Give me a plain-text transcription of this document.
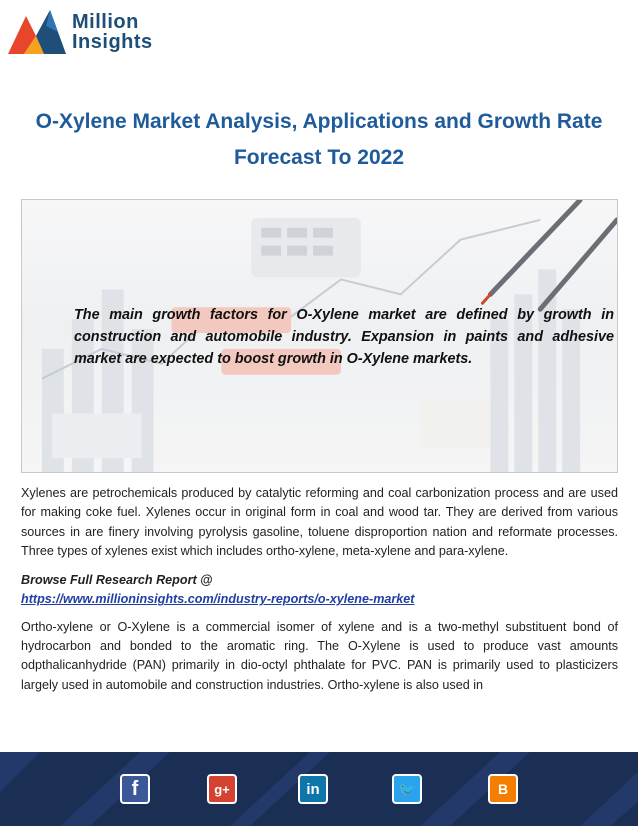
Million
Insights
O-Xylene Market Analysis, Applications and Growth Rate Forecast To 2022
The main growth factors for O-Xylene market are defined by growth in construction and automobile industry. Expansion in paints and adhesive market are expected to boost growth in O-Xylene markets.

Xylenes are petrochemicals produced by catalytic reforming and coal carbonization process and are used for making coke fuel. Xylenes occur in original form in coal and wood tar. They are derived from various sources in are finery involving pyrolysis gasoline, toluene disproportion nation and reformate processes. Three types of xylenes exist which includes ortho-xylene, meta-xylene and para-xylene.

Browse Full Research Report @
https://www.millioninsights.com/industry-reports/o-xylene-market

Ortho-xylene or O-Xylene is a commercial isomer of xylene and is a two-methyl substituent bond of hydrocarbon and bonded to the aromatic ring. The O-Xylene is used to produce vast amounts odpthalicanhydride (PAN) primarily in dio-octyl phthalate for PVC. PAN is primarily used to plasticizers largely used in automobile and construction industries. Ortho-xylene is also used in

f	g+	in	🐦	B
